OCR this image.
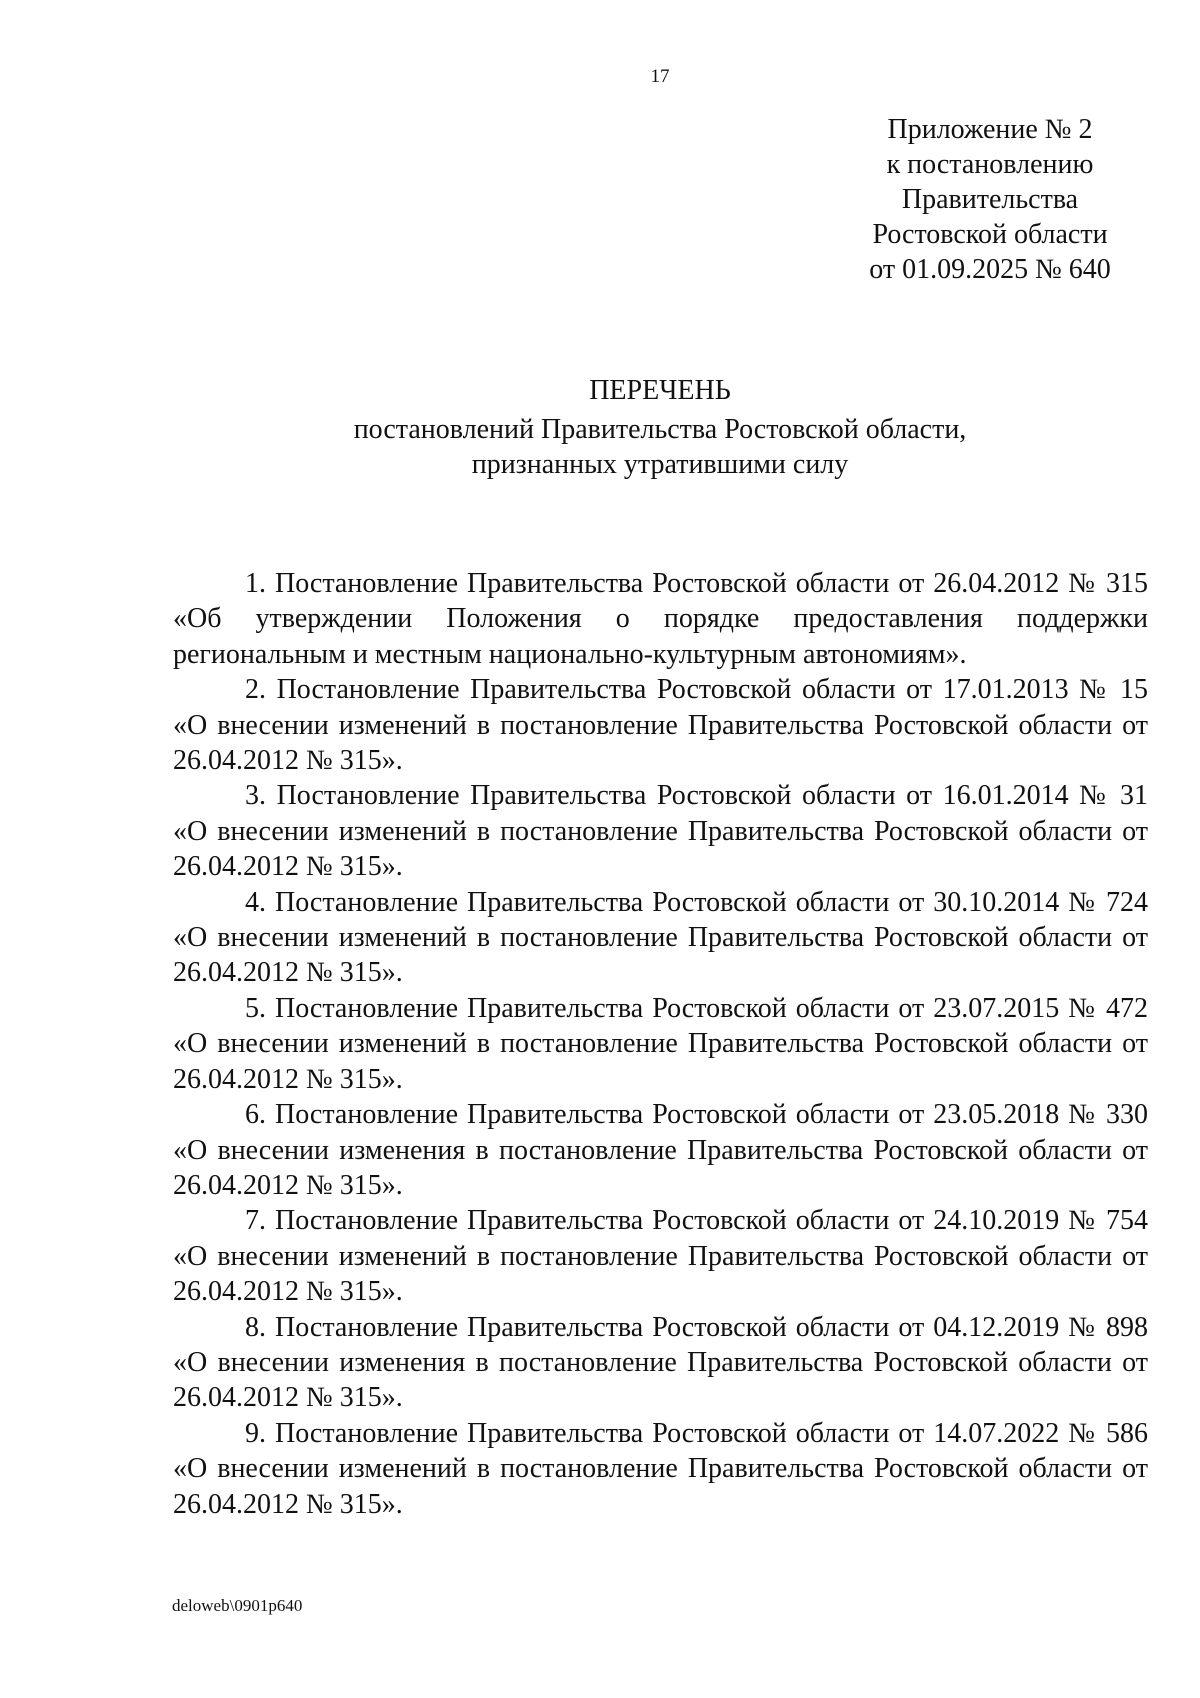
17
Приложение № 2
к постановлению
Правительства
Ростовской области
от 01.09.2025 № 640
ПЕРЕЧЕНЬ
постановлений Правительства Ростовской области,
признанных утратившими силу

1. Постановление Правительства Ростовской области от 26.04.2012 № 315 «Об утверждении Положения о порядке предоставления поддержки региональным и местным национально-культурным автономиям».

2. Постановление Правительства Ростовской области от 17.01.2013 № 15 «О внесении изменений в постановление Правительства Ростовской области от 26.04.2012 № 315».

3. Постановление Правительства Ростовской области от 16.01.2014 № 31 «О внесении изменений в постановление Правительства Ростовской области от 26.04.2012 № 315».

4. Постановление Правительства Ростовской области от 30.10.2014 № 724 «О внесении изменений в постановление Правительства Ростовской области от 26.04.2012 № 315».

5. Постановление Правительства Ростовской области от 23.07.2015 № 472 «О внесении изменений в постановление Правительства Ростовской области от 26.04.2012 № 315».

6. Постановление Правительства Ростовской области от 23.05.2018 № 330 «О внесении изменения в постановление Правительства Ростовской области от 26.04.2012 № 315».

7. Постановление Правительства Ростовской области от 24.10.2019 № 754 «О внесении изменений в постановление Правительства Ростовской области от 26.04.2012 № 315».

8. Постановление Правительства Ростовской области от 04.12.2019 № 898 «О внесении изменения в постановление Правительства Ростовской области от 26.04.2012 № 315».

9. Постановление Правительства Ростовской области от 14.07.2022 № 586 «О внесении изменений в постановление Правительства Ростовской области от 26.04.2012 № 315».

deloweb\0901p640
